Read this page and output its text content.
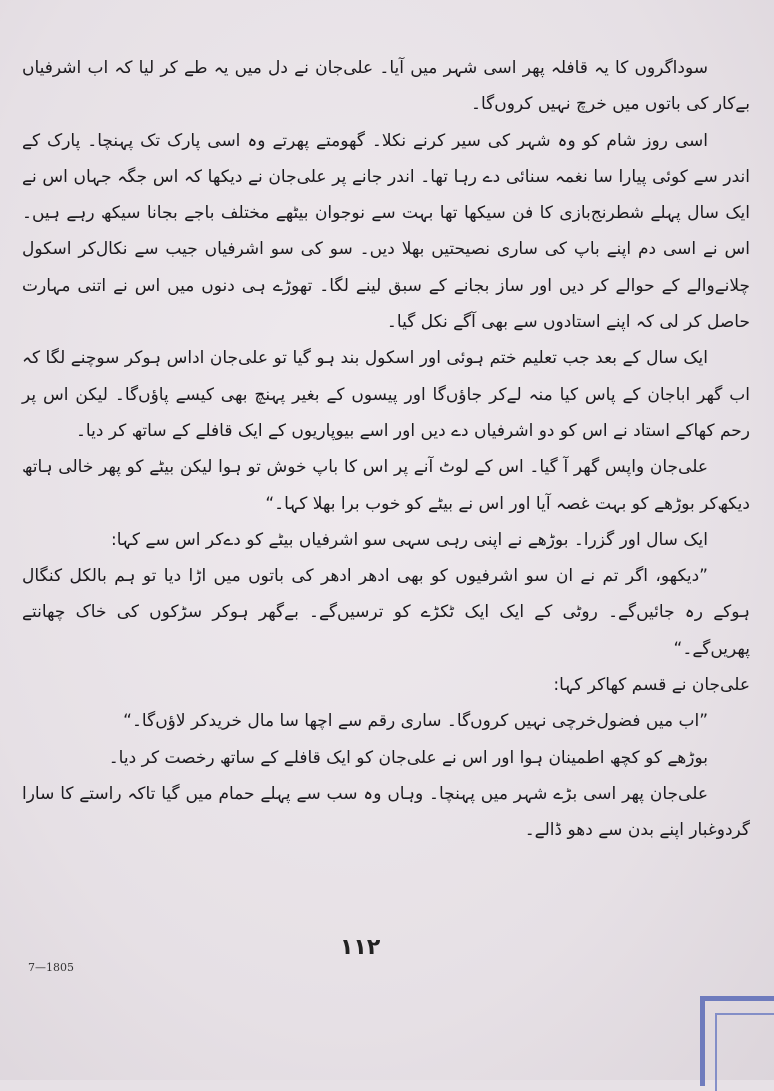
سوداگروں کا یہ قافلہ پھر اسی شہر میں آیا۔ علی‌جان نے دل میں یہ طے کر لیا کہ اب اشرفیاں بےکار کی باتوں میں خرچ نہیں کروں‌گا۔

اسی روز شام کو وہ شہر کی سیر کرنے نکلا۔ گھومتے پھرتے وہ اسی پارک تک پہنچا۔ پارک کے اندر سے کوئی پیارا سا نغمہ سنائی دے رہا تھا۔ اندر جانے پر علی‌جان نے دیکھا کہ اس جگہ جہاں اس نے ایک سال پہلے شطرنج‌بازی کا فن سیکھا تھا بہت سے نوجوان بیٹھے مختلف باجے بجانا سیکھ رہے ہیں۔ اس نے اسی دم اپنے باپ کی ساری نصیحتیں بھلا دیں۔ سو کی سو اشرفیاں جیب سے نکال‌کر اسکول چلانےوالے کے حوالے کر دیں اور ساز بجانے کے سبق لینے لگا۔ تھوڑے ہی دنوں میں اس نے اتنی مہارت حاصل کر لی کہ اپنے استادوں سے بھی آگے نکل گیا۔

ایک سال کے بعد جب تعلیم ختم ہوئی اور اسکول بند ہو گیا تو علی‌جان اداس ہوکر سوچنے لگا کہ اب گھر اباجان کے پاس کیا منہ لےکر جاؤں‌گا اور پیسوں کے بغیر پہنچ بھی کیسے پاؤں‌گا۔ لیکن اس پر رحم کھاکے استاد نے اس کو دو اشرفیاں دے دیں اور اسے بیوپاریوں کے ایک قافلے کے ساتھ کر دیا۔

علی‌جان واپس گھر آ گیا۔ اس کے لوٹ آنے پر اس کا باپ خوش تو ہوا لیکن بیٹے کو پھر خالی ہاتھ دیکھ‌کر بوڑھے کو بہت غصہ آیا اور اس نے بیٹے کو خوب برا بھلا کہا۔“

ایک سال اور گزرا۔ بوڑھے نے اپنی رہی سہی سو اشرفیاں بیٹے کو دےکر اس سے کہا:

”دیکھو، اگر تم نے ان سو اشرفیوں کو بھی ادھر ادھر کی باتوں میں اڑا دیا تو ہم بالکل کنگال ہوکے رہ جائیں‌گے۔ روٹی کے ایک ایک ٹکڑے کو ترسیں‌گے۔ بےگھر ہوکر سڑکوں کی خاک چھانتے پھریں‌گے۔“

علی‌جان نے قسم کھاکر کہا:

”اب میں فضول‌خرچی نہیں کروں‌گا۔ ساری رقم سے اچھا سا مال خریدکر لاؤں‌گا۔“

بوڑھے کو کچھ اطمینان ہوا اور اس نے علی‌جان کو ایک قافلے کے ساتھ رخصت کر دیا۔

علی‌جان پھر اسی بڑے شہر میں پہنچا۔ وہاں وہ سب سے پہلے حمام میں گیا تاکہ راستے کا سارا گردوغبار اپنے بدن سے دھو ڈالے۔

۱۱۲
7—1805
